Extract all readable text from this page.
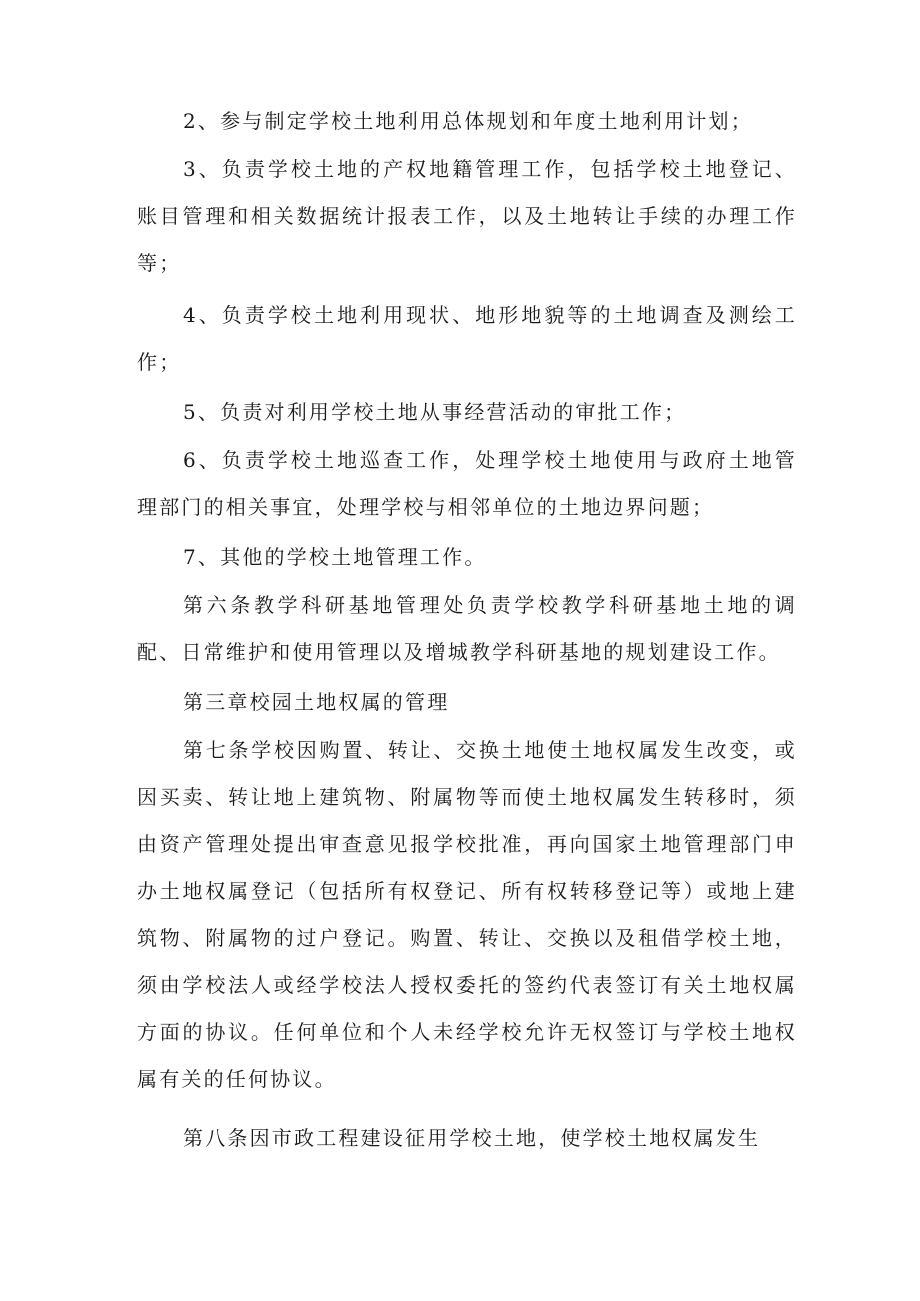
2、参与制定学校土地利用总体规划和年度土地利用计划；

3、负责学校土地的产权地籍管理工作，包括学校土地登记、账目管理和相关数据统计报表工作，以及土地转让手续的办理工作等；

4、负责学校土地利用现状、地形地貌等的土地调查及测绘工作；

5、负责对利用学校土地从事经营活动的审批工作；

6、负责学校土地巡查工作，处理学校土地使用与政府土地管理部门的相关事宜，处理学校与相邻单位的土地边界问题；

7、其他的学校土地管理工作。

第六条教学科研基地管理处负责学校教学科研基地土地的调配、日常维护和使用管理以及增城教学科研基地的规划建设工作。

第三章校园土地权属的管理

第七条学校因购置、转让、交换土地使土地权属发生改变，或因买卖、转让地上建筑物、附属物等而使土地权属发生转移时，须由资产管理处提出审查意见报学校批准，再向国家土地管理部门申办土地权属登记（包括所有权登记、所有权转移登记等）或地上建筑物、附属物的过户登记。购置、转让、交换以及租借学校土地，须由学校法人或经学校法人授权委托的签约代表签订有关土地权属方面的协议。任何单位和个人未经学校允许无权签订与学校土地权属有关的任何协议。

第八条因市政工程建设征用学校土地，使学校土地权属发生
